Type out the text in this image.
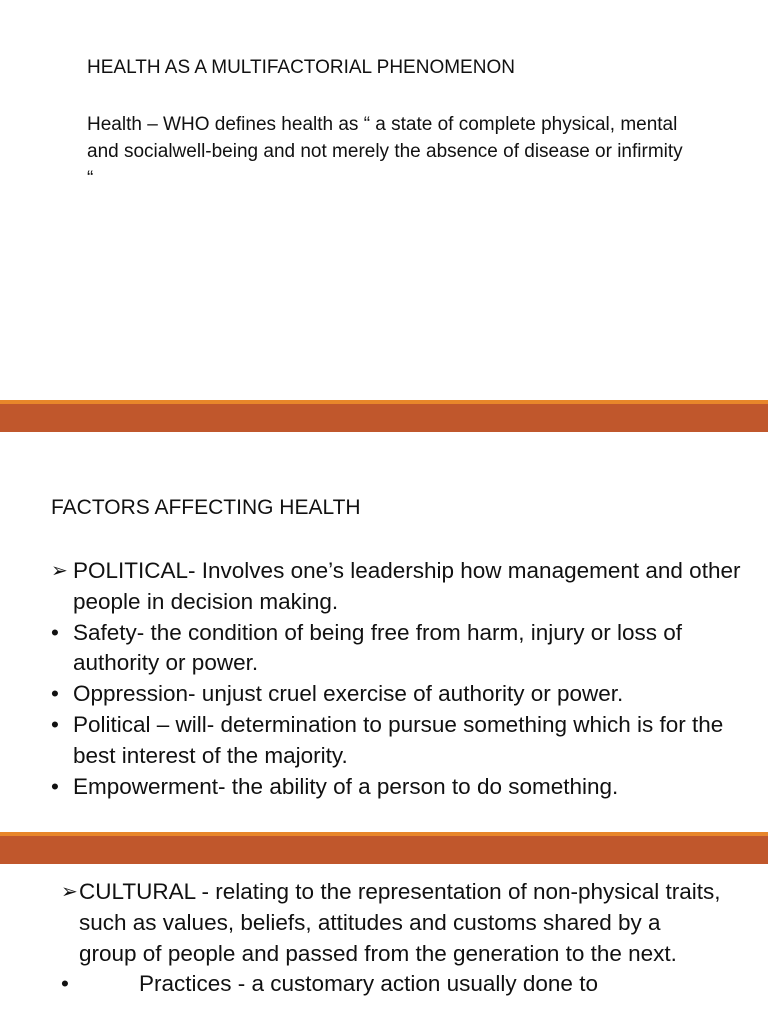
HEALTH AS A MULTIFACTORIAL PHENOMENON
Health – WHO defines health as “ a state of complete physical, mental and socialwell-being and not merely the absence of disease or infirmity “
FACTORS AFFECTING HEALTH
➢ POLITICAL- Involves one’s leadership how management and other people in decision making.
• Safety- the condition of being free from harm, injury or loss of authority or power.
• Oppression- unjust cruel exercise of authority or power.
• Political – will- determination to pursue something which is for the best interest of the majority.
• Empowerment- the ability of a person to do something.
➢ CULTURAL - relating to the representation of non-physical traits, such as values, beliefs, attitudes and customs shared by a group of people and passed from the generation to the next.
•	Practices - a customary action usually done to
